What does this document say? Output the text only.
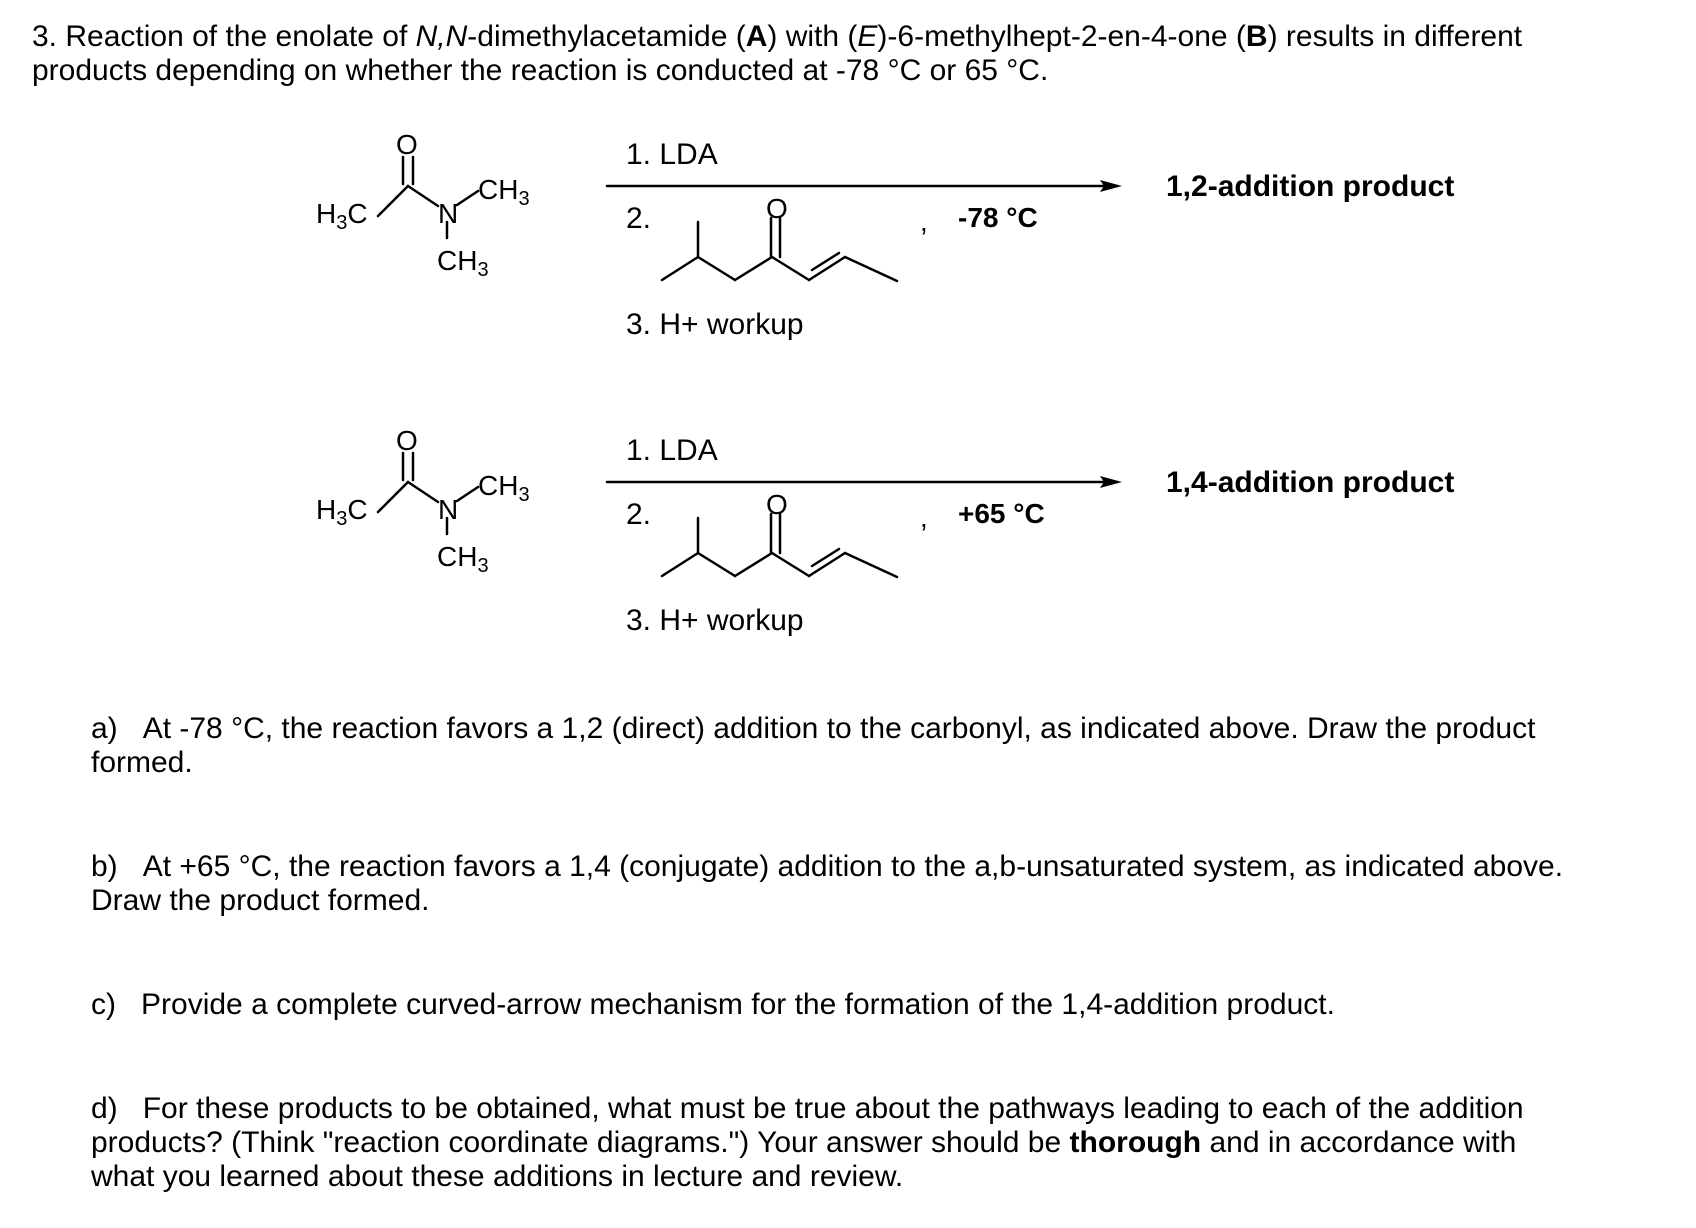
3. Reaction of the enolate of N,N-dimethylacetamide (A) with (E)-6-methylhept-2-en-4-one (B) results in different
products depending on whether the reaction is conducted at -78 °C or 65 °C.
O
$H_3C$	N
$CH_3$
$CH_3$
O
O
$H_3C$	N
$CH_3$
$CH_3$
O
1. LDA
2.	, -78 °C
3. H+ workup
1,2-addition product
1. LDA
2.	, +65 °C
3. H+ workup
1,4-addition product
a) At -78 °C, the reaction favors a 1,2 (direct) addition to the carbonyl, as indicated above. Draw the product
formed.
b) At +65 °C, the reaction favors a 1,4 (conjugate) addition to the a,b-unsaturated system, as indicated above.
Draw the product formed.
c) Provide a complete curved-arrow mechanism for the formation of the 1,4-addition product.
d) For these products to be obtained, what must be true about the pathways leading to each of the addition
products? (Think "reaction coordinate diagrams.") Your answer should be thorough and in accordance with
what you learned about these additions in lecture and review.
